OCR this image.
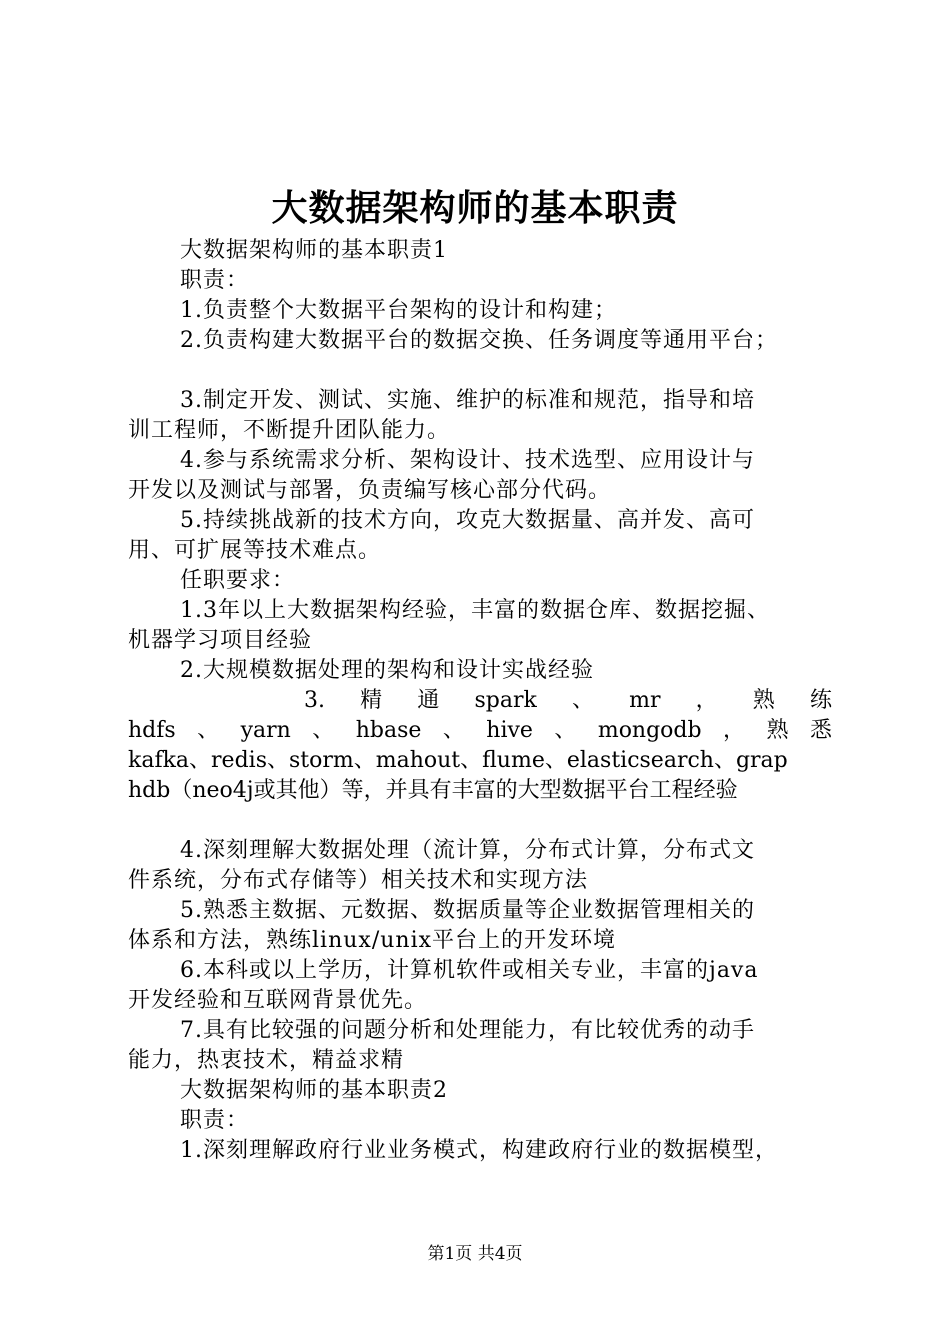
大数据架构师的基本职责
大数据架构师的基本职责1
职责：
1.负责整个大数据平台架构的设计和构建；
2.负责构建大数据平台的数据交换、任务调度等通用平台；
3.制定开发、测试、实施、维护的标准和规范，指导和培
训工程师，不断提升团队能力。
4.参与系统需求分析、架构设计、技术选型、应用设计与
开发以及测试与部署，负责编写核心部分代码。
5.持续挑战新的技术方向，攻克大数据量、高并发、高可
用、可扩展等技术难点。
任职要求：
1.3年以上大数据架构经验，丰富的数据仓库、数据挖掘、
机器学习项目经验
2.大规模数据处理的架构和设计实战经验
3. 精 通 spark 、 mr ， 熟 练
hdfs 、 yarn 、 hbase 、 hive 、 mongodb ， 熟 悉
kafka、redis、storm、mahout、flume、elasticsearch、grap
hdb（neo4j或其他）等，并具有丰富的大型数据平台工程经验
4.深刻理解大数据处理（流计算，分布式计算，分布式文
件系统，分布式存储等）相关技术和实现方法
5.熟悉主数据、元数据、数据质量等企业数据管理相关的
体系和方法，熟练linux/unix平台上的开发环境
6.本科或以上学历，计算机软件或相关专业，丰富的java
开发经验和互联网背景优先。
7.具有比较强的问题分析和处理能力，有比较优秀的动手
能力，热衷技术，精益求精
大数据架构师的基本职责2
职责：
1.深刻理解政府行业业务模式，构建政府行业的数据模型，
第1页 共4页
